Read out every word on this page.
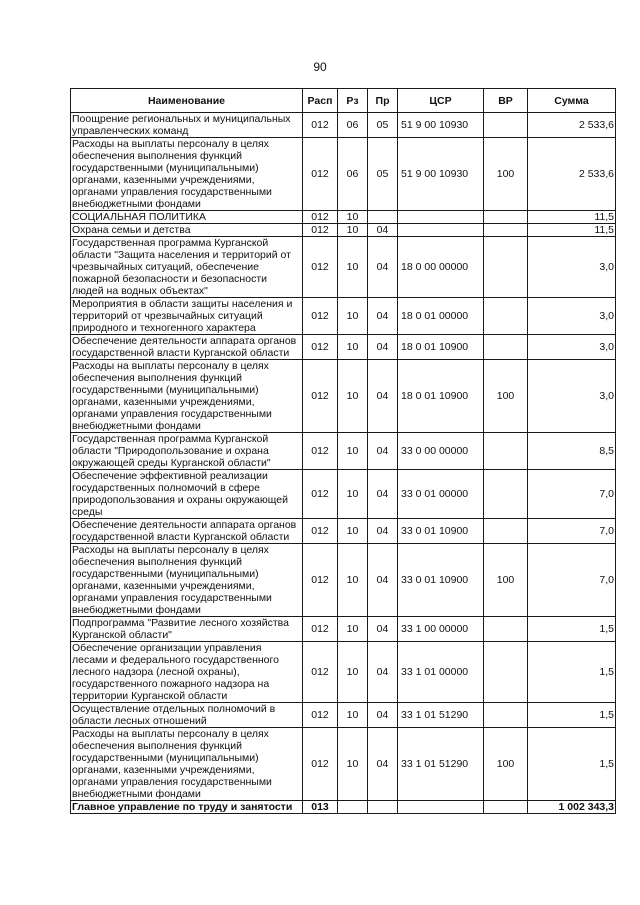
90
Наименование	Расп	Рз	Пр	ЦСР	ВР	Сумма
Поощрение региональных и муниципальных управленческих команд	012	06	05	51 9 00 10930		2 533,6
Расходы на выплаты персоналу в целях обеспечения выполнения функций государственными (муниципальными) органами, казенными учреждениями, органами управления государственными внебюджетными фондами	012	06	05	51 9 00 10930	100	2 533,6
СОЦИАЛЬНАЯ ПОЛИТИКА	012	10				11,5
Охрана семьи и детства	012	10	04			11,5
Государственная программа Курганской области "Защита населения и территорий от чрезвычайных ситуаций, обеспечение пожарной безопасности и безопасности людей на водных объектах"	012	10	04	18 0 00 00000		3,0
Мероприятия в области защиты населения и территорий от чрезвычайных ситуаций природного и техногенного характера	012	10	04	18 0 01 00000		3,0
Обеспечение деятельности аппарата органов государственной власти Курганской области	012	10	04	18 0 01 10900		3,0
Расходы на выплаты персоналу в целях обеспечения выполнения функций государственными (муниципальными) органами, казенными учреждениями, органами управления государственными внебюджетными фондами	012	10	04	18 0 01 10900	100	3,0
Государственная программа Курганской области "Природопользование и охрана окружающей среды Курганской области"	012	10	04	33 0 00 00000		8,5
Обеспечение эффективной реализации государственных полномочий в сфере природопользования и охраны окружающей среды	012	10	04	33 0 01 00000		7,0
Обеспечение деятельности аппарата органов государственной власти Курганской области	012	10	04	33 0 01 10900		7,0
Расходы на выплаты персоналу в целях обеспечения выполнения функций государственными (муниципальными) органами, казенными учреждениями, органами управления государственными внебюджетными фондами	012	10	04	33 0 01 10900	100	7,0
Подпрограмма "Развитие лесного хозяйства Курганской области"	012	10	04	33 1 00 00000		1,5
Обеспечение организации управления лесами и федерального государственного лесного надзора (лесной охраны), государственного пожарного надзора на территории Курганской области	012	10	04	33 1 01 00000		1,5
Осуществление отдельных полномочий в области лесных отношений	012	10	04	33 1 01 51290		1,5
Расходы на выплаты персоналу в целях обеспечения выполнения функций государственными (муниципальными) органами, казенными учреждениями, органами управления государственными внебюджетными фондами	012	10	04	33 1 01 51290	100	1,5
Главное управление по труду и занятости	013					1 002 343,3
